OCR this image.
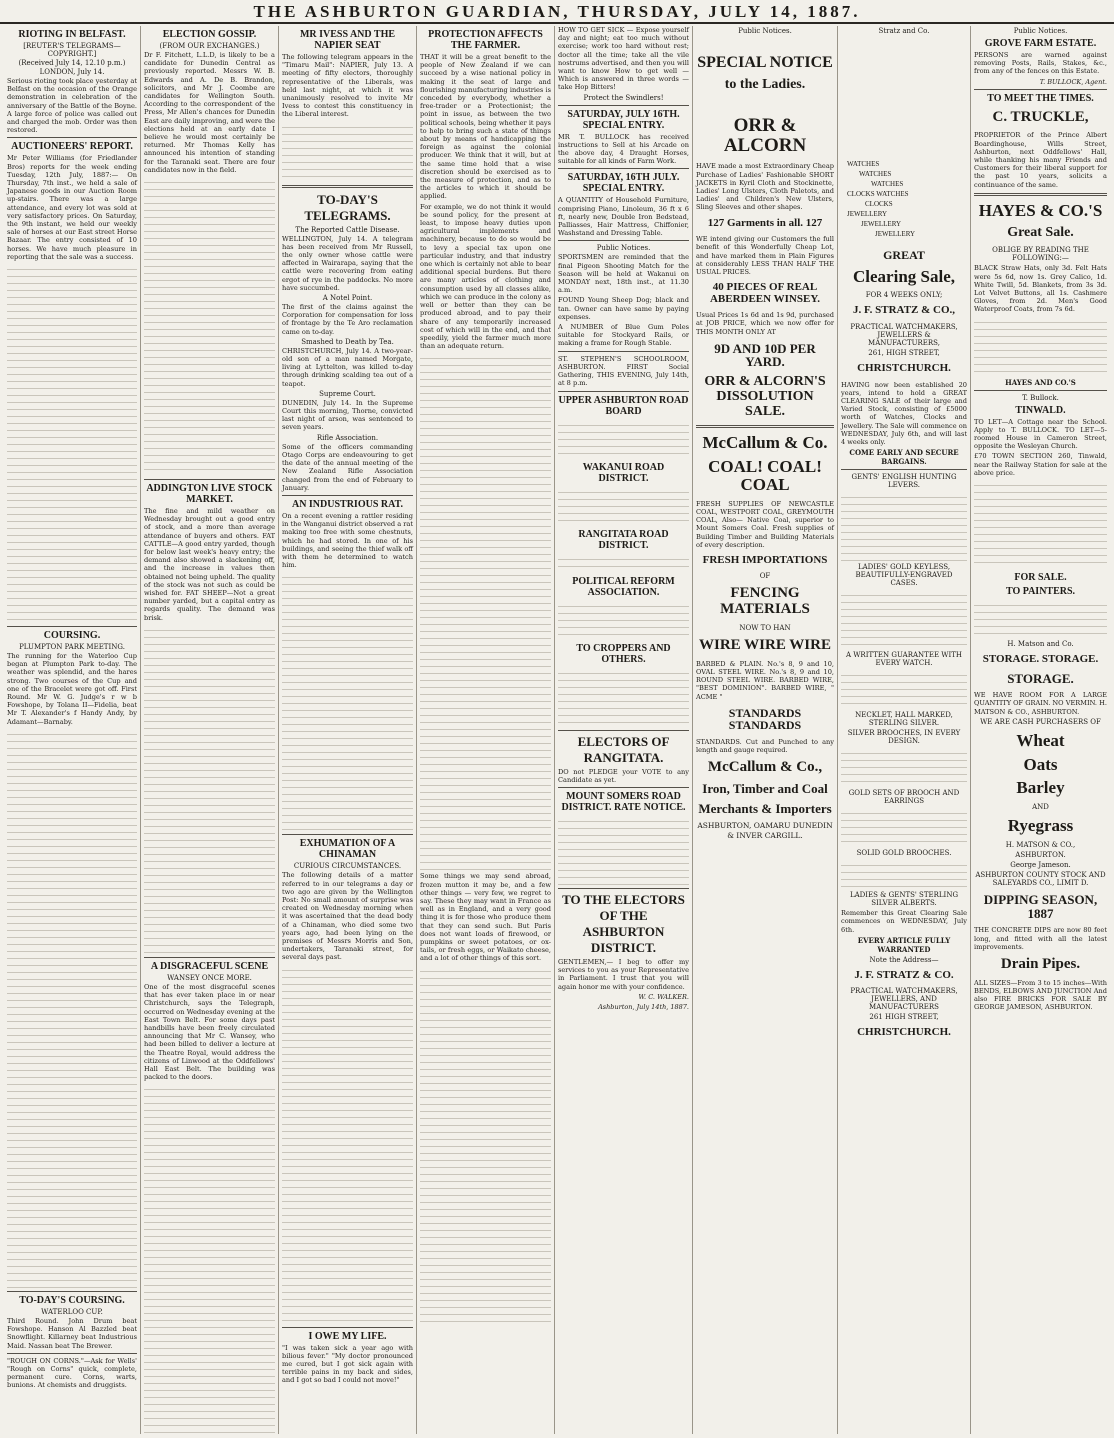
THE ASHBURTON GUARDIAN, THURSDAY, JULY 14, 1887.
RIOTING IN BELFAST.
[REUTER'S TELEGRAMS—COPYRIGHT.]
(Received July 14, 12.10 p.m.)
LONDON, July 14.

Serious rioting took place yesterday at Belfast on the occasion of the Orange demonstration in celebration of the anniversary of the Battle of the Boyne. A large force of police was called out and charged the mob. Order was then restored.

AUCTIONEERS' REPORT.

Mr Peter Williams (for Friedlander Bros) reports for the week ending Tuesday, 12th July, 1887:— On Thursday, 7th inst., we held a sale of Japanese goods in our Auction Room up-stairs. There was a large attendance, and every lot was sold at very satisfactory prices. On Saturday, the 9th instant, we held our weekly sale of horses at our East street Horse Bazaar. The entry consisted of 10 horses. We have much pleasure in reporting that the sale was a success.

COURSING.
PLUMPTON PARK MEETING.

The running for the Waterloo Cup began at Plumpton Park to-day. The weather was splendid, and the hares strong. Two courses of the Cup and one of the Bracelet were got off. First Round. Mr W. G. Judge's r w b Fowshope, by Tolana II—Fidelia, beat Mr T. Alexander's f Handy Andy, by Adamant—Barnaby.

TO-DAY'S COURSING.
WATERLOO CUP.

Third Round. John Drum beat Fowshope. Hanson Al Bazzled beat Snowflight. Killarney beat Industrious Maid. Nassan beat The Brewer.

"ROUGH ON CORNS."—Ask for Wells' "Rough on Corns" quick, complete, permanent cure. Corns, warts, bunions. At chemists and druggists.

ELECTION GOSSIP.
(FROM OUR EXCHANGES.)

Dr F. Fitchett, L.L.D, is likely to be a candidate for Dunedin Central as previously reported. Messrs W. B. Edwards and A. De B. Brandon, solicitors, and Mr J. Coombe are candidates for Wellington South. According to the correspondent of the Press, Mr Allen's chances for Dunedin East are daily improving, and were the elections held at an early date I believe he would most certainly be returned. Mr Thomas Kelly has announced his intention of standing for the Taranaki seat. There are four candidates now in the field.

ADDINGTON LIVE STOCK MARKET.

The fine and mild weather on Wednesday brought out a good entry of stock, and a more than average attendance of buyers and others. FAT CATTLE—A good entry yarded, though for below last week's heavy entry; the demand also showed a slackening off, and the increase in values then obtained not being upheld. The quality of the stock was not such as could be wished for. FAT SHEEP—Not a great number yarded, but a capital entry as regards quality. The demand was brisk.

A DISGRACEFUL SCENE
WANSEY ONCE MORE.

One of the most disgraceful scenes that has ever taken place in or near Christchurch, says the Telegraph, occurred on Wednesday evening at the East Town Belt. For some days past handbills have been freely circulated announcing that Mr C. Wansey, who had been billed to deliver a lecture at the Theatre Royal, would address the citizens of Linwood at the Oddfellows' Hall East Belt. The building was packed to the doors.

MR IVESS AND THE NAPIER SEAT

The following telegram appears in the "Timaru Mail": NAPIER, July 13. A meeting of fifty electors, thoroughly representative of the Liberals, was held last night, at which it was unanimously resolved to invite Mr Ivess to contest this constituency in the Liberal interest.

TO-DAY'S TELEGRAMS.
The Reported Cattle Disease.

WELLINGTON, July 14. A telegram has been received from Mr Russell, the only owner whose cattle were affected in Wairarapa, saying that the cattle were recovering from eating ergot of rye in the paddocks. No more have succumbed.

A Notel Point.

The first of the claims against the Corporation for compensation for loss of frontage by the Te Aro reclamation came on to-day.

Smashed to Death by Tea.

CHRISTCHURCH, July 14. A two-year-old son of a man named Morgate, living at Lyttelton, was killed to-day through drinking scalding tea out of a teapot.

Supreme Court.

DUNEDIN, July 14. In the Supreme Court this morning, Thorne, convicted last night of arson, was sentenced to seven years.

Rifle Association.

Some of the officers commanding Otago Corps are endeavouring to get the date of the annual meeting of the New Zealand Rifle Association changed from the end of February to January.

AN INDUSTRIOUS RAT.

On a recent evening a rattler residing in the Wanganui district observed a rat making too free with some chestnuts, which he had stored. In one of his buildings, and seeing the thief walk off with them he determined to watch him.

EXHUMATION OF A CHINAMAN
CURIOUS CIRCUMSTANCES.

The following details of a matter referred to in our telegrams a day or two ago are given by the Wellington Post: No small amount of surprise was created on Wednesday morning when it was ascertained that the dead body of a Chinaman, who died some two years ago, had been lying on the premises of Messrs Morris and Son, undertakers, Taranaki street, for several days past.

I OWE MY LIFE.

"I was taken sick a year ago with bilious fever." "My doctor pronounced me cured, but I got sick again with terrible pains in my back and sides, and I got so bad I could not move!"

PROTECTION AFFECTS THE FARMER.

THAT it will be a great benefit to the people of New Zealand if we can succeed by a wise national policy in making it the seat of large and flourishing manufacturing industries is conceded by everybody, whether a free-trader or a Protectionist; the point in issue, as between the two political schools, being whether it pays to help to bring such a state of things about by means of handicapping the foreign as against the colonial producer. We think that it will, but at the same time hold that a wise discretion should be exercised as to the measure of protection, and as to the articles to which it should be applied.

For example, we do not think it would be sound policy, for the present at least, to impose heavy duties upon agricultural implements and machinery, because to do so would be to levy a special tax upon one particular industry, and that industry one which is certainly not able to bear additional special burdens. But there are many articles of clothing and consumption used by all classes alike, which we can produce in the colony as well or better than they can be produced abroad, and to pay their share of any temporarily increased cost of which will in the end, and that speedily, yield the farmer much more than an adequate return.

Some things we may send abroad, frozen mutton it may be, and a few other things — very few, we regret to say. These they may want in France as well as in England, and a very good thing it is for those who produce them that they can send such. But Paris does not want loads of firewood, or pumpkins or sweet potatoes, or ox-tails, or fresh eggs, or Waikato cheese, and a lot of other things of this sort.

HOW TO GET SICK — Expose yourself day and night; eat too much without exercise; work too hard without rest; doctor all the time; take all the vile nostrums advertised, and then you will want to know How to get well — Which is answered in three words — take Hop Bitters!

Protect the Swindlers!
SATURDAY, JULY 16TH. SPECIAL ENTRY.

MR T. BULLOCK has received instructions to Sell at his Arcade on the above day, 4 Draught Horses, suitable for all kinds of Farm Work.

SATURDAY, 16TH JULY. SPECIAL ENTRY.

A QUANTITY of Household Furniture, comprising Piano, Linoleum, 36 ft x 6 ft, nearly new, Double Iron Bedstead, Palliasses, Hair Mattress, Chiffonier, Washstand and Dressing Table.

Public Notices.

SPORTSMEN are reminded that the final Pigeon Shooting Match for the Season will be held at Wakanui on MONDAY next, 18th inst., at 11.30 a.m.

FOUND Young Sheep Dog; black and tan. Owner can have same by paying expenses.

A NUMBER of Blue Gum Poles suitable for Stockyard Rails, or making a frame for Rough Stable.

ST. STEPHEN'S SCHOOLROOM, ASHBURTON. FIRST Social Gathering, THIS EVENING, July 14th, at 8 p.m.

UPPER ASHBURTON ROAD BOARD
WAKANUI ROAD DISTRICT.
RANGITATA ROAD DISTRICT.
POLITICAL REFORM ASSOCIATION.
TO CROPPERS AND OTHERS.
ELECTORS OF RANGITATA.

DO not PLEDGE your VOTE to any Candidate as yet.

MOUNT SOMERS ROAD DISTRICT. RATE NOTICE.
TO THE ELECTORS OF THE ASHBURTON DISTRICT.

GENTLEMEN,— I beg to offer my services to you as your Representative in Parliament. I trust that you will again honor me with your confidence.

W. C. WALKER.
Ashburton, July 14th, 1887.
Public Notices.
SPECIAL NOTICE
to the Ladies.
ORR & ALCORN

HAVE made a most Extraordinary Cheap Purchase of Ladies' Fashionable SHORT JACKETS in Kyril Cloth and Stockinette, Ladies' Long Ulsters, Cloth Paletots, and Ladies' and Children's New Ulsters, Sling Sleeves and other shapes.

127 Garments in all. 127

WE intend giving our Customers the full benefit of this Wonderfully Cheap Lot, and have marked them in Plain Figures at considerably LESS THAN HALF THE USUAL PRICES.

40 PIECES OF REAL ABERDEEN WINSEY.

Usual Prices 1s 6d and 1s 9d, purchased at JOB PRICE, which we now offer for THIS MONTH ONLY AT

9D AND 10D PER YARD.
ORR & ALCORN'S DISSOLUTION SALE.
McCallum & Co.
COAL! COAL! COAL

FRESH SUPPLIES OF NEWCASTLE COAL, WESTPORT COAL, GREYMOUTH COAL, Also— Native Coal, superior to Mount Somers Coal. Fresh supplies of Building Timber and Building Materials of every description.

FRESH IMPORTATIONS
OF
FENCING MATERIALS
NOW TO HAN
WIRE WIRE WIRE

BARBED & PLAIN. No.'s 8, 9 and 10, OVAL STEEL WIRE. No.'s 8, 9 and 10, ROUND STEEL WIRE. BARBED WIRE, "BEST DOMINION". BARBED WIRE, " ACME "

STANDARDS STANDARDS

STANDARDS. Cut and Punched to any length and gauge required.

McCallum & Co.,
Iron, Timber and Coal
Merchants & Importers
ASHBURTON, OAMARU DUNEDIN & INVER CARGILL.
Stratz and Co.
WATCHES
WATCHES
WATCHES
CLOCKS WATCHES
CLOCKS
JEWELLERY
JEWELLERY
JEWELLERY
GREAT
Clearing Sale,
FOR 4 WEEKS ONLY;
J. F. STRATZ & CO.,
PRACTICAL WATCHMAKERS, JEWELLERS & MANUFACTURERS,
261, HIGH STREET,
CHRISTCHURCH.

HAVING now been established 20 years, intend to hold a GREAT CLEARING SALE of their large and Varied Stock, consisting of £5000 worth of Watches, Clocks and Jewellery. The Sale will commence on WEDNESDAY, July 6th, and will last 4 weeks only.

COME EARLY AND SECURE BARGAINS.
GENTS' ENGLISH HUNTING LEVERS.
LADIES' GOLD KEYLESS, BEAUTIFULLY-ENGRAVED CASES.
A WRITTEN GUARANTEE WITH EVERY WATCH.
NECKLET, HALL MARKED, STERLING SILVER.
SILVER BROOCHES, IN EVERY DESIGN.
GOLD SETS OF BROOCH AND EARRINGS
SOLID GOLD BROOCHES.
LADIES & GENTS' STERLING SILVER ALBERTS.

Remember this Great Clearing Sale commences on WEDNESDAY, July 6th.

EVERY ARTICLE FULLY WARRANTED
Note the Address—
J. F. STRATZ & CO.
PRACTICAL WATCHMAKERS, JEWELLERS, AND MANUFACTURERS
261 HIGH STREET,
CHRISTCHURCH.
Public Notices.
GROVE FARM ESTATE.

PERSONS are warned against removing Posts, Rails, Stakes, &c., from any of the fences on this Estate.

T. BULLOCK, Agent.
TO MEET THE TIMES.
C. TRUCKLE,

PROPRIETOR of the Prince Albert Boardinghouse, Wills Street, Ashburton, next Oddfellows' Hall, while thanking his many Friends and Customers for their liberal support for the past 10 years, solicits a continuance of the same.

HAYES & CO.'S
Great Sale.
OBLIGE BY READING THE FOLLOWING:—

BLACK Straw Hats, only 3d. Felt Hats were 5s 6d, now 1s. Grey Calico, 1d. White Twill, 5d. Blankets, from 3s 3d. Lot Velvet Buttons, all 1s. Cashmere Gloves, from 2d. Men's Good Waterproof Coats, from 7s 6d.

HAYES AND CO.'S
T. Bullock.
TINWALD.

TO LET—A Cottage near the School. Apply to T. BULLOCK. TO LET—5-roomed House in Cameron Street, opposite the Wesleyan Church.

£70 TOWN SECTION 260, Tinwald, near the Railway Station for sale at the above price.

FOR SALE.
TO PAINTERS.
H. Matson and Co.
STORAGE. STORAGE.
STORAGE.

WE HAVE ROOM FOR A LARGE QUANTITY OF GRAIN. NO VERMIN. H. MATSON & CO., ASHBURTON.

WE ARE CASH PURCHASERS OF
Wheat
Oats
Barley
AND
Ryegrass
H. MATSON & CO.,
ASHBURTON.
George Jameson.
ASHBURTON COUNTY STOCK AND SALEYARDS CO., LIMIT D.
DIPPING SEASON, 1887

THE CONCRETE DIPS are now 80 feet long, and fitted with all the latest improvements.

Drain Pipes.

ALL SIZES—From 3 to 15 inches—With BENDS, ELBOWS AND JUNCTION And also FIRE BRICKS FOR SALE BY GEORGE JAMESON, ASHBURTON.
